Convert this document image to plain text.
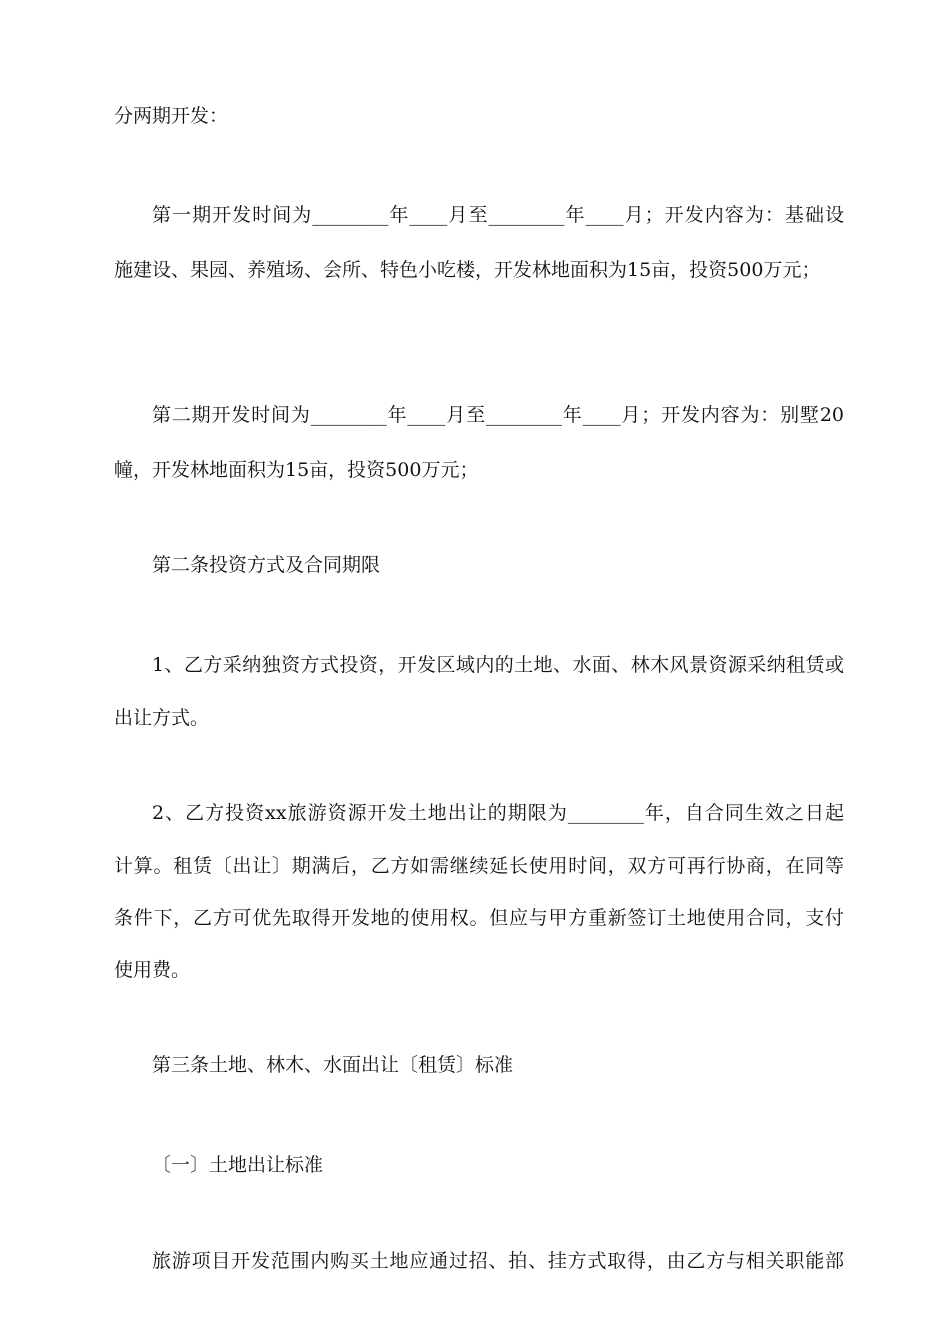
分两期开发：
第一期开发时间为________年____月至________年____月；开发内容为：基础设
施建设、果园、养殖场、会所、特色小吃楼，开发林地面积为15亩，投资500万元；
第二期开发时间为________年____月至________年____月；开发内容为：别墅20
幢，开发林地面积为15亩，投资500万元；
第二条投资方式及合同期限
1、乙方采纳独资方式投资，开发区域内的土地、水面、林木风景资源采纳租赁或
出让方式。
2、乙方投资xx旅游资源开发土地出让的期限为________年，自合同生效之日起
计算。租赁〔出让〕期满后，乙方如需继续延长使用时间，双方可再行协商，在同等
条件下，乙方可优先取得开发地的使用权。但应与甲方重新签订土地使用合同，支付
使用费。
第三条土地、林木、水面出让〔租赁〕标准
〔一〕土地出让标准
旅游项目开发范围内购买土地应通过招、拍、挂方式取得，由乙方与相关职能部
